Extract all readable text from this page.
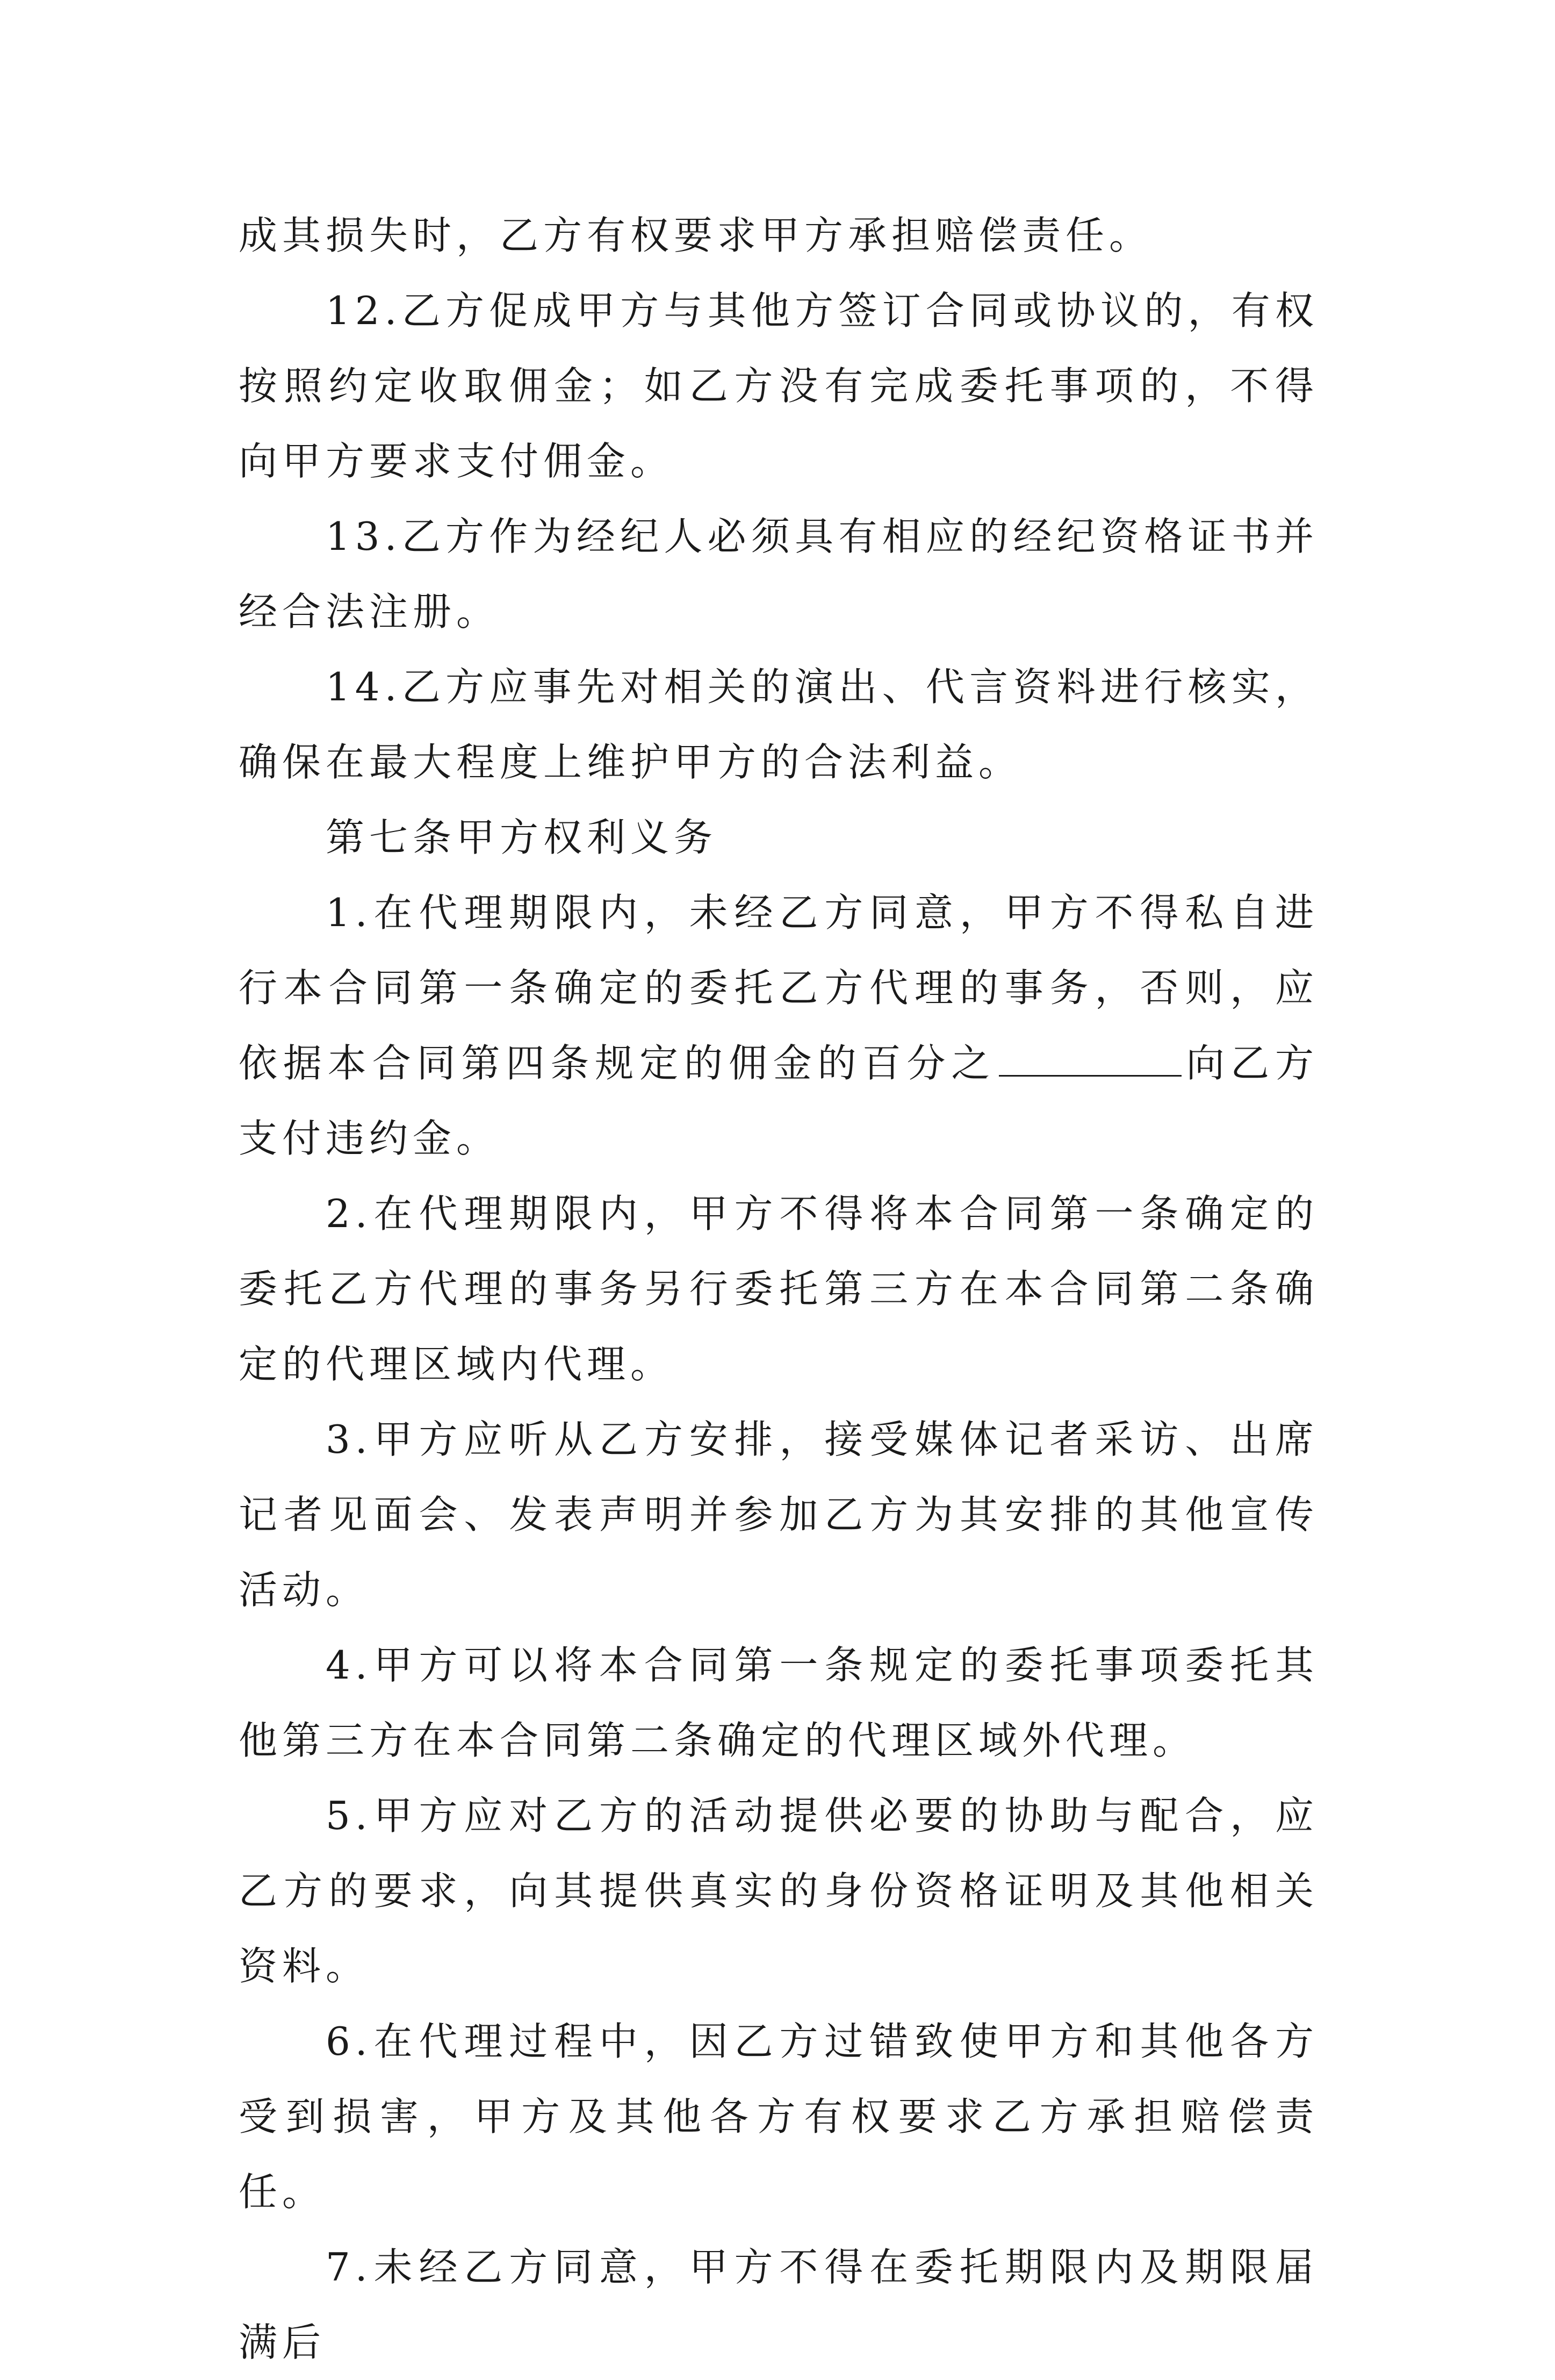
成其损失时，乙方有权要求甲方承担赔偿责任。

12.乙方促成甲方与其他方签订合同或协议的，有权按照约定收取佣金；如乙方没有完成委托事项的，不得向甲方要求支付佣金。

13.乙方作为经纪人必须具有相应的经纪资格证书并经合法注册。

14.乙方应事先对相关的演出、代言资料进行核实，确保在最大程度上维护甲方的合法利益。

第七条甲方权利义务

1.在代理期限内，未经乙方同意，甲方不得私自进行本合同第一条确定的委托乙方代理的事务，否则，应依据本合同第四条规定的佣金的百分之	向乙方支付违约金。

2.在代理期限内，甲方不得将本合同第一条确定的委托乙方代理的事务另行委托第三方在本合同第二条确定的代理区域内代理。

3.甲方应听从乙方安排，接受媒体记者采访、出席记者见面会、发表声明并参加乙方为其安排的其他宣传活动。

4.甲方可以将本合同第一条规定的委托事项委托其他第三方在本合同第二条确定的代理区域外代理。

5.甲方应对乙方的活动提供必要的协助与配合，应乙方的要求，向其提供真实的身份资格证明及其他相关资料。

6.在代理过程中，因乙方过错致使甲方和其他各方受到损害，甲方及其他各方有权要求乙方承担赔偿责任。

7.未经乙方同意，甲方不得在委托期限内及期限届满后
